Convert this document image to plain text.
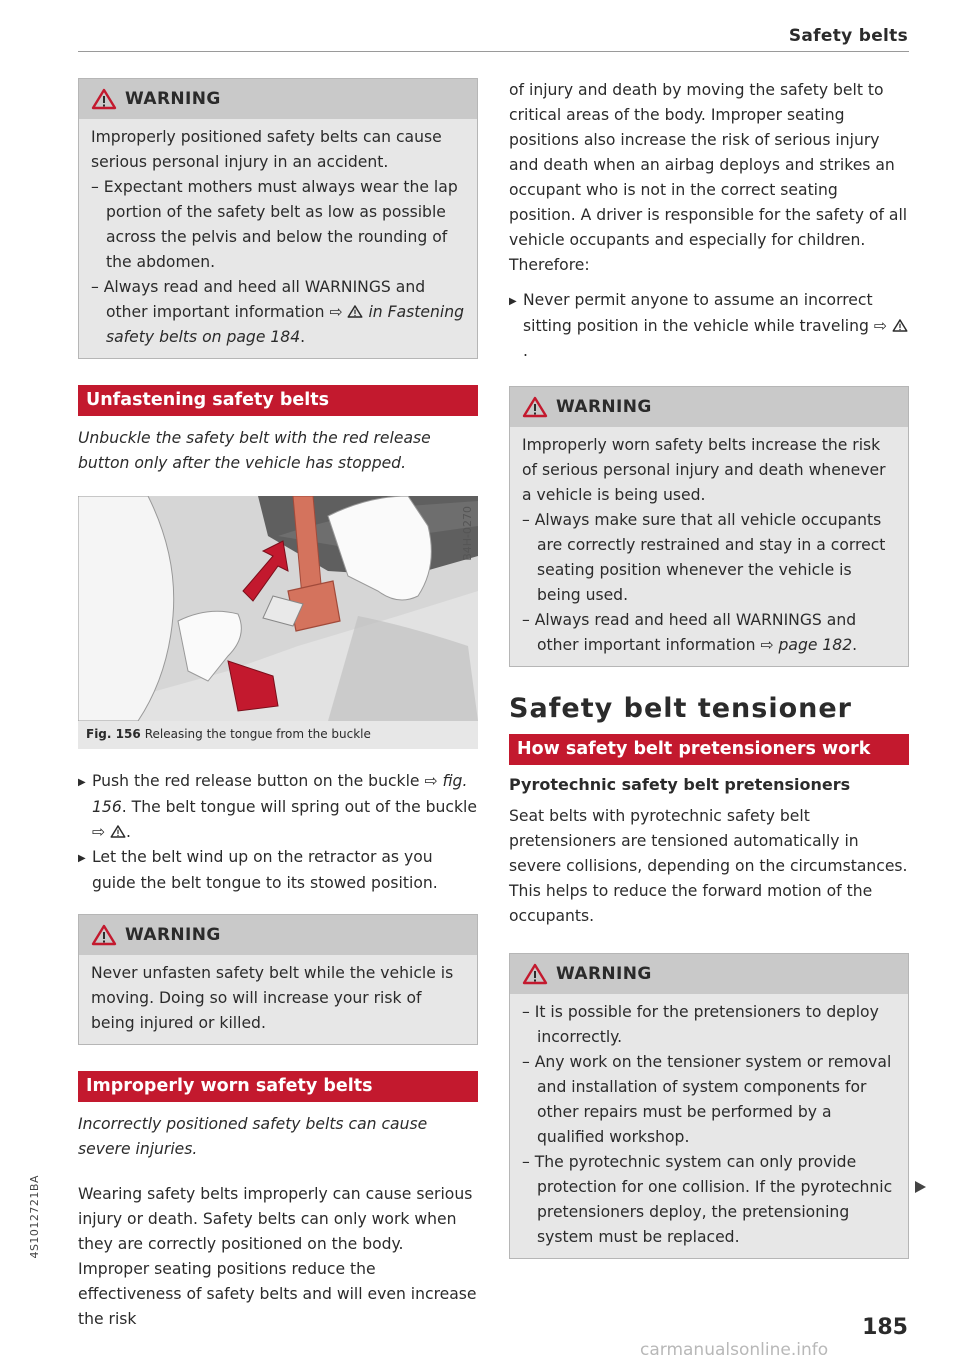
Safety belts
WARNING

Improperly positioned safety belts can cause serious personal injury in an accident.

– Expectant mothers must always wear the lap portion of the safety belt as low as possible across the pelvis and below the rounding of the abdomen.
– Always read and heed all WARNINGS and other important information ⇨  in Fastening safety belts on page 184.
Unfastening safety belts

Unbuckle the safety belt with the red release button only after the vehicle has stopped.

B4H-0270
Fig. 156 Releasing the tongue from the buckle
▶ Push the red release button on the buckle ⇨ fig. 156. The belt tongue will spring out of the buckle ⇨ .
▶ Let the belt wind up on the retractor as you guide the belt tongue to its stowed position.
WARNING

Never unfasten safety belt while the vehicle is moving. Doing so will increase your risk of being injured or killed.

Improperly worn safety belts

Incorrectly positioned safety belts can cause severe injuries.

Wearing safety belts improperly can cause serious injury or death. Safety belts can only work when they are correctly positioned on the body. Improper seating positions reduce the effectiveness of safety belts and will even increase the risk

of injury and death by moving the safety belt to critical areas of the body. Improper seating positions also increase the risk of serious injury and death when an airbag deploys and strikes an occupant who is not in the correct seating position. A driver is responsible for the safety of all vehicle occupants and especially for children. Therefore:

▶ Never permit anyone to assume an incorrect sitting position in the vehicle while traveling ⇨ .
WARNING

Improperly worn safety belts increase the risk of serious personal injury and death whenever a vehicle is being used.

– Always make sure that all vehicle occupants are correctly restrained and stay in a correct seating position whenever the vehicle is being used.
– Always read and heed all WARNINGS and other important information ⇨ page 182.
Safety belt tensioner
How safety belt pretensioners work
Pyrotechnic safety belt pretensioners

Seat belts with pyrotechnic safety belt pretensioners are tensioned automatically in severe collisions, depending on the circumstances. This helps to reduce the forward motion of the occupants.

WARNING
– It is possible for the pretensioners to deploy incorrectly.
– Any work on the tensioner system or removal and installation of system components for other repairs must be performed by a qualified workshop.
– The pyrotechnic system can only provide protection for one collision. If the pyrotechnic pretensioners deploy, the pretensioning system must be replaced.
4S1012721BA
185
carmanualsonline.info
